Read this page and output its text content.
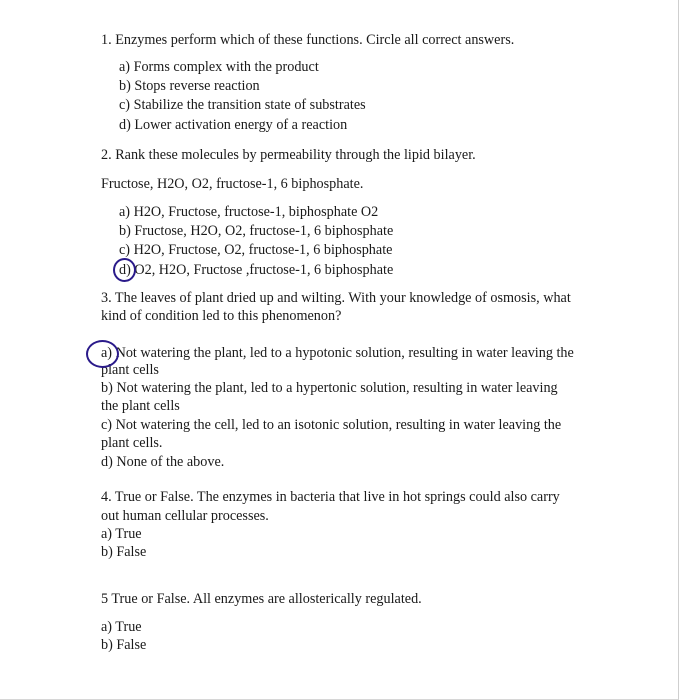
1. Enzymes perform which of these functions. Circle all correct answers.
a) Forms complex with the product
b) Stops reverse reaction
c) Stabilize the transition state of substrates
d) Lower activation energy of a reaction
2. Rank these molecules by permeability through the lipid bilayer.
Fructose, H2O, O2, fructose-1, 6 biphosphate.
a) H2O, Fructose, fructose-1, biphosphate O2
b) Fructose, H2O, O2, fructose-1, 6 biphosphate
c) H2O, Fructose, O2, fructose-1, 6 biphosphate
d) O2, H2O, Fructose ,fructose-1, 6 biphosphate
3. The leaves of plant dried up and wilting. With your knowledge of osmosis, what
kind of condition led to this phenomenon?
a) Not watering the plant, led to a hypotonic solution, resulting in water leaving the
plant cells
b) Not watering the plant, led to a hypertonic solution, resulting in water leaving
the plant cells
c) Not watering the cell, led to an isotonic solution, resulting in water leaving the
plant cells.
d) None of the above.
4. True or False. The enzymes in bacteria that live in hot springs could also carry
out human cellular processes.
a) True
b) False
5 True or False. All enzymes are allosterically regulated.
a) True
b) False
